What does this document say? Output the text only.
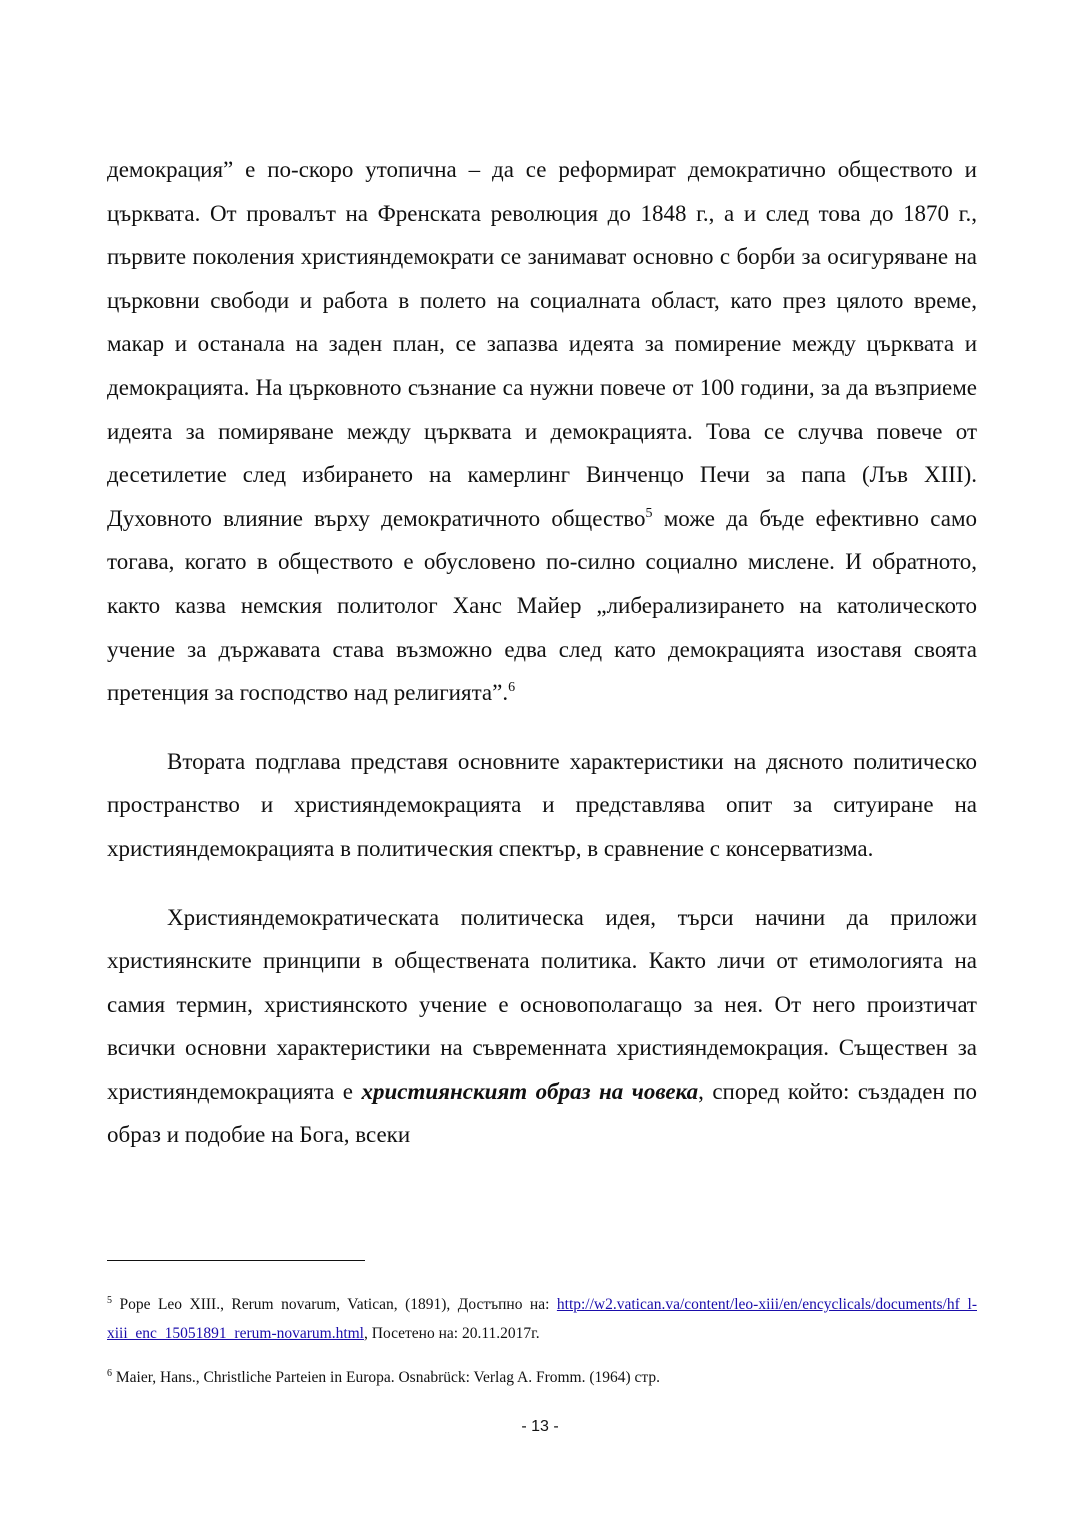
демокрация” е по-скоро утопична – да се реформират демократично обществото и църквата. От провалът на Френската революция до 1848 г., а и след това до 1870 г., първите поколения християндемократи се занимават основно с борби за осигуряване на църковни свободи и работа в полето на социалната област, като през цялото време, макар и останала на заден план, се запазва идеята за помирение между църквата и демокрацията. На църковното съзнание са нужни повече от 100 години, за да възприеме идеята за помиряване между църквата и демокрацията. Това се случва повече от десетилетие след избирането на камерлинг Винченцо Печи за папа (Лъв XIII). Духовното влияние върху демократичното общество$^5$ може да бъде ефективно само тогава, когато в обществото е обусловено по-силно социално мислене. И обратното, както казва немския политолог Ханс Майер „либерализирането на католическото учение за държавата става възможно едва след като демокрацията изоставя своята претенция за господство над религията”.$^6$

Втората подглава представя основните характеристики на дясното политическо пространство и християндемокрацията и представлява опит за ситуиране на християндемокрацията в политическия спектър, в сравнение с консерватизма.

Християндемократическата политическа идея, търси начини да приложи християнските принципи в обществената политика. Както личи от етимологията на самия термин, християнското учение е основополагащо за нея. От него произтичат всички основни характеристики на съвременната християндемокрация. Съществен за християндемокрацията е християнският образ на човека, според който: създаден по образ и подобие на Бога, всеки

$^5$ Pope Leo XIII., Rerum novarum, Vatican, (1891), Достъпно на: http://w2.vatican.va/content/leo-xiii/en/encyclicals/documents/hf_l-xiii_enc_15051891_rerum-novarum.html, Посетено на: 20.11.2017г.

$^6$ Maier, Hans., Christliche Parteien in Europa. Osnabrück: Verlag A. Fromm. (1964) стр.

- 13 -
